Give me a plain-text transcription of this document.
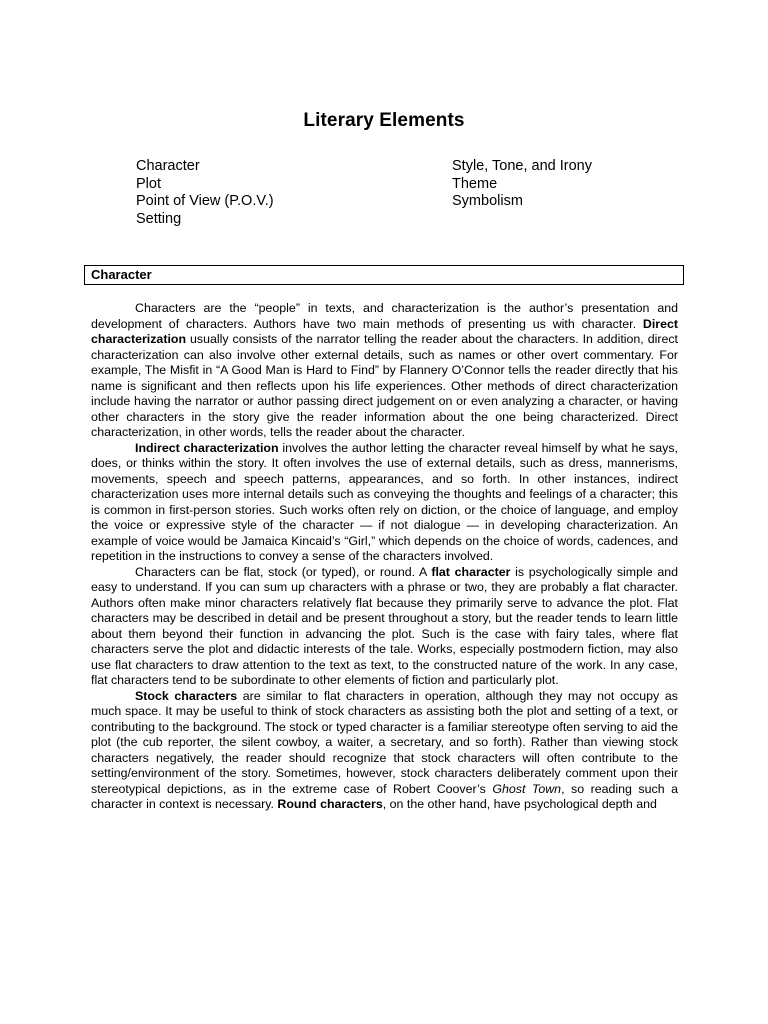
Literary Elements
Character
Plot
Point of View (P.O.V.)
Setting
Style, Tone, and Irony
Theme
Symbolism
Character

Characters are the “people” in texts, and characterization is the author’s presentation and development of characters. Authors have two main methods of presenting us with character. Direct characterization usually consists of the narrator telling the reader about the characters. In addition, direct characterization can also involve other external details, such as names or other overt commentary. For example, The Misfit in “A Good Man is Hard to Find” by Flannery O’Connor tells the reader directly that his name is significant and then reflects upon his life experiences. Other methods of direct characterization include having the narrator or author passing direct judgement on or even analyzing a character, or having other characters in the story give the reader information about the one being characterized. Direct characterization, in other words, tells the reader about the character.

Indirect characterization involves the author letting the character reveal himself by what he says, does, or thinks within the story. It often involves the use of external details, such as dress, mannerisms, movements, speech and speech patterns, appearances, and so forth. In other instances, indirect characterization uses more internal details such as conveying the thoughts and feelings of a character; this is common in first-person stories. Such works often rely on diction, or the choice of language, and employ the voice or expressive style of the character — if not dialogue — in developing characterization. An example of voice would be Jamaica Kincaid’s “Girl,” which depends on the choice of words, cadences, and repetition in the instructions to convey a sense of the characters involved.

Characters can be flat, stock (or typed), or round. A flat character is psychologically simple and easy to understand. If you can sum up characters with a phrase or two, they are probably a flat character. Authors often make minor characters relatively flat because they primarily serve to advance the plot. Flat characters may be described in detail and be present throughout a story, but the reader tends to learn little about them beyond their function in advancing the plot. Such is the case with fairy tales, where flat characters serve the plot and didactic interests of the tale. Works, especially postmodern fiction, may also use flat characters to draw attention to the text as text, to the constructed nature of the work. In any case, flat characters tend to be subordinate to other elements of fiction and particularly plot.

Stock characters are similar to flat characters in operation, although they may not occupy as much space. It may be useful to think of stock characters as assisting both the plot and setting of a text, or contributing to the background. The stock or typed character is a familiar stereotype often serving to aid the plot (the cub reporter, the silent cowboy, a waiter, a secretary, and so forth). Rather than viewing stock characters negatively, the reader should recognize that stock characters will often contribute to the setting/environment of the story. Sometimes, however, stock characters deliberately comment upon their stereotypical depictions, as in the extreme case of Robert Coover’s Ghost Town, so reading such a character in context is necessary. Round characters, on the other hand, have psychological depth and
